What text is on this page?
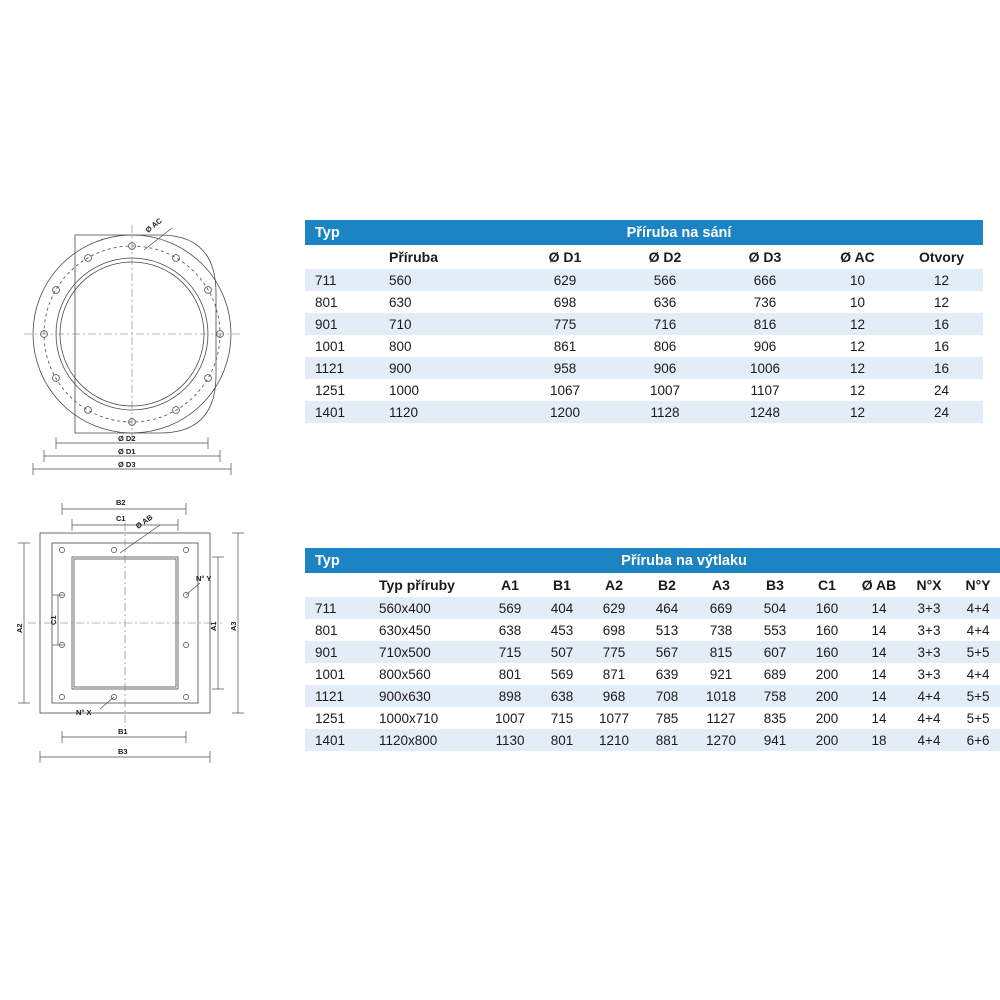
Ø AC
Ø D2
Ø D1
Ø D3
B2
C1 Ø AB
N° Y
N° X
A2
C1
A1 A3
B1
B3
Typ	Příruba na sání					
	Příruba	Ø D1	Ø D2	Ø D3	Ø AC	Otvory
711	560	629	566	666	10	12
801	630	698	636	736	10	12
901	710	775	716	816	12	16
1001	800	861	806	906	12	16
1121	900	958	906	1006	12	16
1251	1000	1067	1007	1107	12	24
1401	1120	1200	1128	1248	12	24
Typ	Příruba na výtlaku										
	Typ příruby	A1	B1	A2	B2	A3	B3	C1	Ø AB	N°X	N°Y
711	560x400	569	404	629	464	669	504	160	14	3+3	4+4
801	630x450	638	453	698	513	738	553	160	14	3+3	4+4
901	710x500	715	507	775	567	815	607	160	14	3+3	5+5
1001	800x560	801	569	871	639	921	689	200	14	3+3	4+4
1121	900x630	898	638	968	708	1018	758	200	14	4+4	5+5
1251	1000x710	1007	715	1077	785	1127	835	200	14	4+4	5+5
1401	1120x800	1130	801	1210	881	1270	941	200	18	4+4	6+6
